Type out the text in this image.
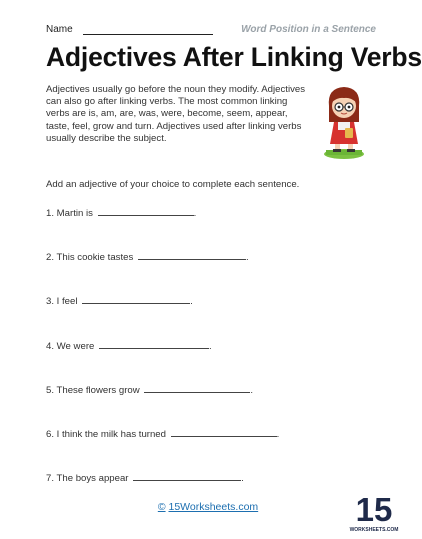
Name	Word Position in a Sentence
Adjectives After Linking Verbs

Adjectives usually go before the noun they modify. Adjectives can also go after linking verbs. The most common linking verbs are is, am, are, was, were, become, seem, appear, taste, feel, grow and turn. Adjectives used after linking verbs usually describe the subject.

Add an adjective of your choice to complete each sentence.

1. Martin is	.
2. This cookie tastes	.
3. I feel	.
4. We were	.
5. These flowers grow	.
6. I think the milk has turned	.
7. The boys appear	.
© 15Worksheets.com	15
WORKSHEETS.COM
